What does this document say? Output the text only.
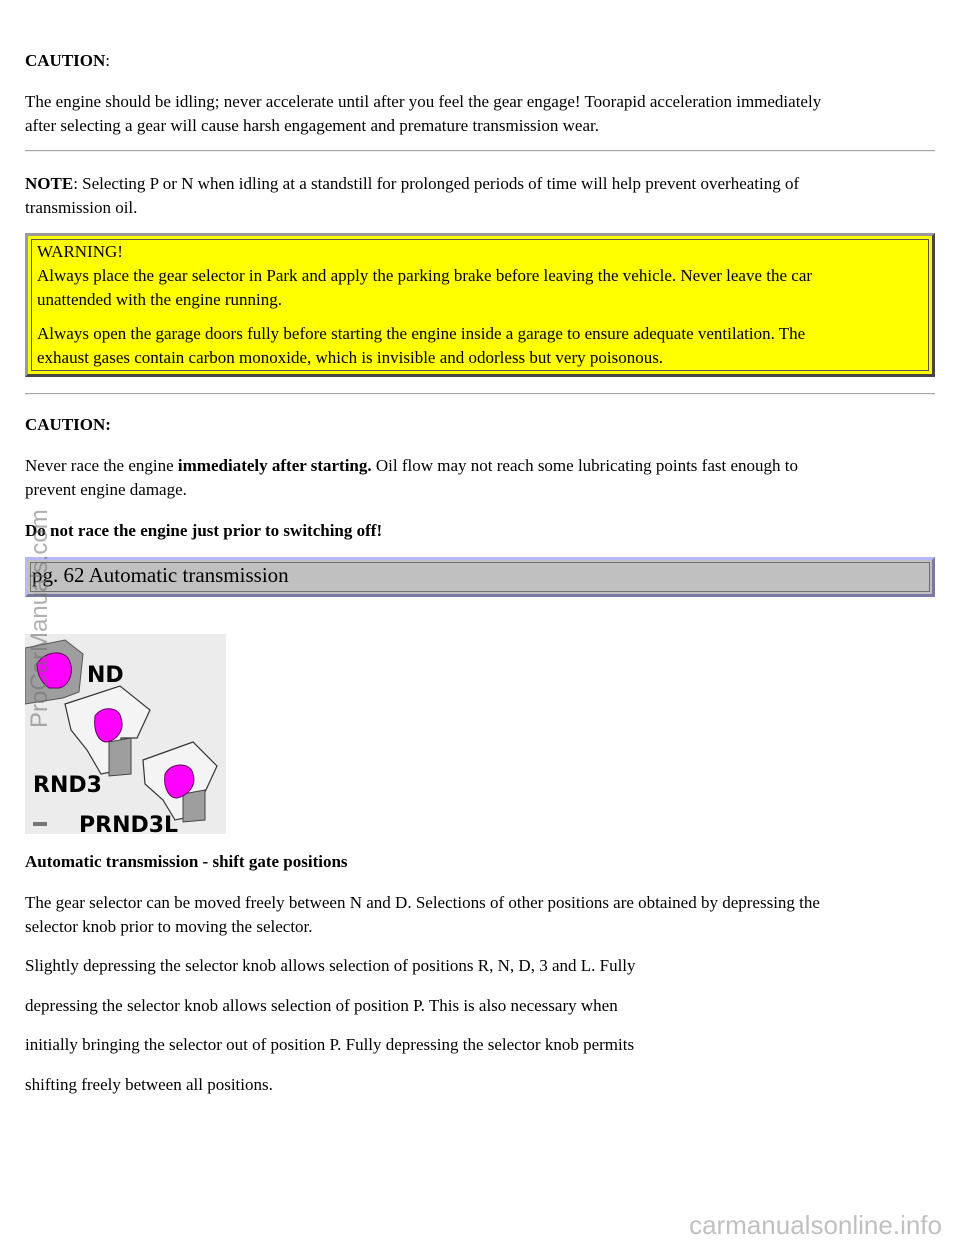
CAUTION:

The engine should be idling; never accelerate until after you feel the gear engage! Toorapid acceleration immediately
after selecting a gear will cause harsh engagement and premature transmission wear.

NOTE: Selecting P or N when idling at a standstill for prolonged periods of time will help prevent overheating of
transmission oil.

WARNING!

Always place the gear selector in Park and apply the parking brake before leaving the vehicle. Never leave the car
unattended with the engine running.

Always open the garage doors fully before starting the engine inside a garage to ensure adequate ventilation. The
exhaust gases contain carbon monoxide, which is invisible and odorless but very poisonous.

CAUTION:

Never race the engine immediately after starting. Oil flow may not reach some lubricating points fast enough to
prevent engine damage.

Do not race the engine just prior to switching off!

pg. 62 Automatic transmission
ND
RND3
PRND3L

Automatic transmission - shift gate positions

The gear selector can be moved freely between N and D. Selections of other positions are obtained by depressing the
selector knob prior to moving the selector.

Slightly depressing the selector knob allows selection of positions R, N, D, 3 and L. Fully

depressing the selector knob allows selection of position P. This is also necessary when

initially bringing the selector out of position P. Fully depressing the selector knob permits

shifting freely between all positions.

ProCarManuals.com
carmanualsonline.info
